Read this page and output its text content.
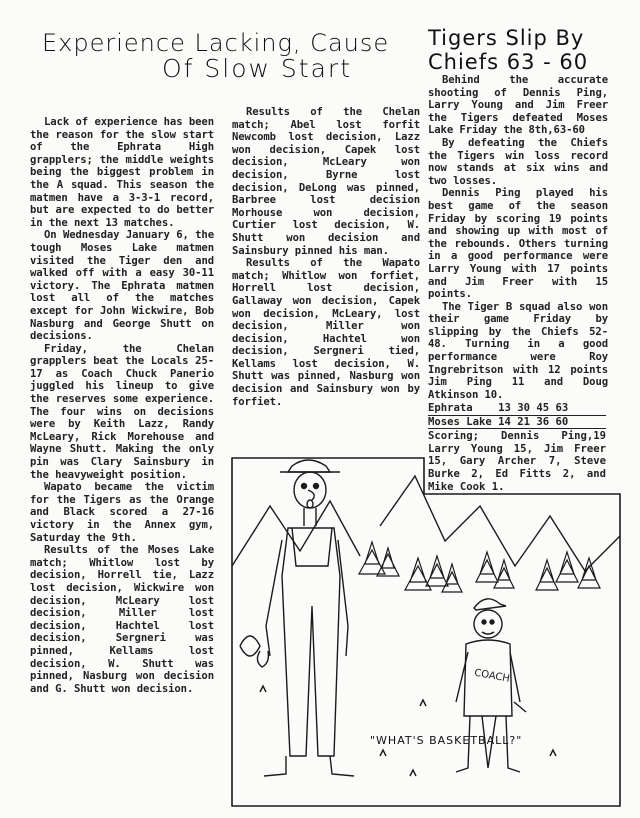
Experience Lacking, Cause
Of Slow Start
Tigers Slip By
Chiefs 63 - 60

Lack of experience has been the reason for the slow start of the Ephrata High grapplers; the middle weights being the biggest problem in the A squad. This season the matmen have a 3-3-1 record, but are expected to do better in the next 13 matches.

On Wednesday January 6, the tough Moses Lake matmen visited the Tiger den and walked off with a easy 30-11 victory. The Ephrata matmen lost all of the matches except for John Wickwire, Bob Nasburg and George Shutt on decisions.

Friday, the Chelan grapplers beat the Locals 25-17 as Coach Chuck Panerio juggled his lineup to give the reserves some experience. The four wins on decisions were by Keith Lazz, Randy McLeary, Rick Morehouse and Wayne Shutt. Making the only pin was Clary Sainsbury in the heavyweight position.

Wapato became the victim for the Tigers as the Orange and Black scored a 27-16 victory in the Annex gym, Saturday the 9th.

Results of the Moses Lake match; Whitlow lost by decision, Horrell tie, Lazz lost decision, Wickwire won decision, McLeary lost decision, Miller lost decision, Hachtel lost decision, Sergneri was pinned, Kellams lost decision, W. Shutt was pinned, Nasburg won decision and G. Shutt won decision.

Results of the Chelan match; Abel lost forfit Newcomb lost decision, Lazz won decision, Capek lost decision, McLeary won decision, Byrne lost decision, DeLong was pinned, Barbree lost decision Morhouse won decision, Curtier lost decision, W. Shutt won decision and Sainsbury pinned his man.

Results of the Wapato match; Whitlow won forfiet, Horrell lost decision, Gallaway won decision, Capek won decision, McLeary, lost decision, Miller won decision, Hachtel won decision, Sergneri tied, Kellams lost decision, W. Shutt was pinned, Nasburg won decision and Sainsbury won by forfiet.

Behind the accurate shooting of Dennis Ping, Larry Young and Jim Freer the Tigers defeated Moses Lake Friday the 8th,63-60

By defeating the Chiefs the Tigers win loss record now stands at six wins and two losses.

Dennis Ping played his best game of the season Friday by scoring 19 points and showing up with most of the rebounds. Others turning in a good performance were Larry Young with 17 points and Jim Freer with 15 points.

The Tiger B squad also won their game Friday by slipping by the Chiefs 52-48. Turning in a good performance were Roy Ingrebritson with 12 points Jim Ping 11 and Doug Atkinson 10.

Ephrata    13 30 45 63
Moses Lake 14 21 36 60
Scoring; Dennis Ping,19 Larry Young 15, Jim Freer 15, Gary Archer 7, Steve Burke 2, Ed Fitts 2, and Mike Cook 1.
COACH
"WHAT'S BASKETBALL?"
